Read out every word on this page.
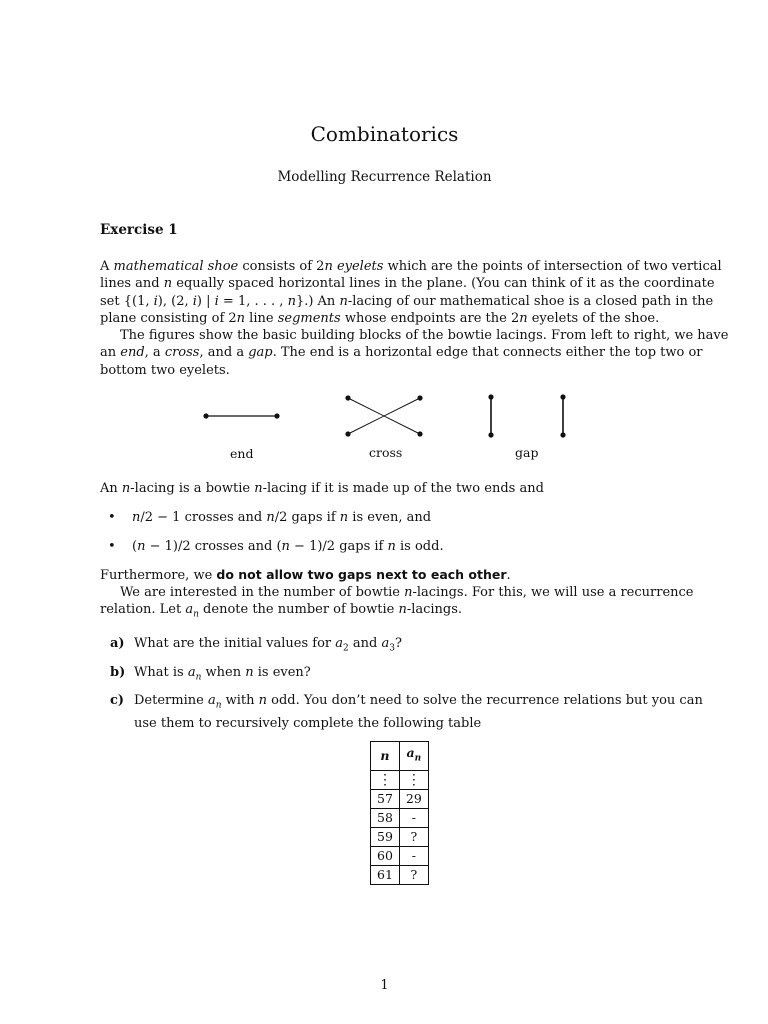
Combinatorics
Modelling Recurrence Relation
Exercise 1
A mathematical shoe consists of 2n eyelets which are the points of intersection of two vertical
lines and n equally spaced horizontal lines in the plane. (You can think of it as the coordinate
set {(1, i), (2, i) | i = 1, . . . , n}.) An n-lacing of our mathematical shoe is a closed path in the
plane consisting of 2n line segments whose endpoints are the 2n eyelets of the shoe.
The figures show the basic building blocks of the bowtie lacings. From left to right, we have
an end, a cross, and a gap. The end is a horizontal edge that connects either the top two or
bottom two eyelets.
end	cross	gap
An n-lacing is a bowtie n-lacing if it is made up of the two ends and
• n/2 − 1 crosses and n/2 gaps if n is even, and
• (n − 1)/2 crosses and (n − 1)/2 gaps if n is odd.
Furthermore, we do not allow two gaps next to each other.
We are interested in the number of bowtie n-lacings. For this, we will use a recurrence
relation. Let $a_n$ denote the number of bowtie n-lacings.
a) What are the initial values for $a_2$ and $a_3$?
b) What is $a_n$ when n is even?
c) Determine $a_n$ with n odd. You don’t need to solve the recurrence relations but you can
use them to recursively complete the following table
n	$a_n$
⋮	⋮
57	29
58	-
59	?
60	-
61	?
1
